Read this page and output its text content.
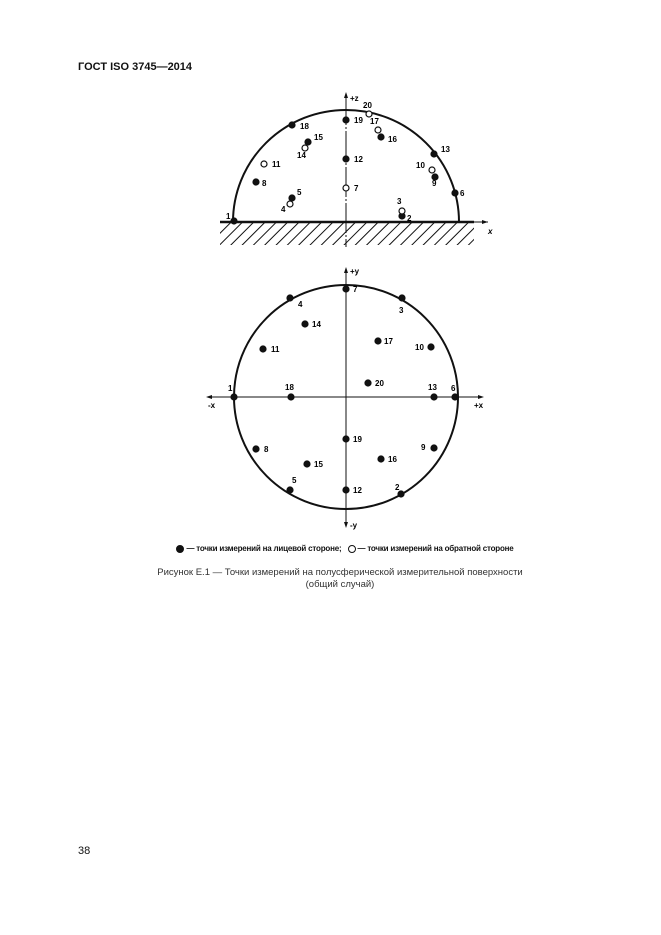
ГОСТ ISO 3745—2014
+z
x
1	2
3
4
5	6
7
8	9
10
11
12
13
14
15	16
17
18
19
20
+y
-y
-x	+x
1
2
3
4
5
6
7
8	9
10
11
12
13
14
15
16
17
18
19
20
— точки измерений на лицевой стороне; — точки измерений на обратной стороне
Рисунок Е.1 — Точки измерений на полусферической измерительной поверхности
(общий случай)
38
